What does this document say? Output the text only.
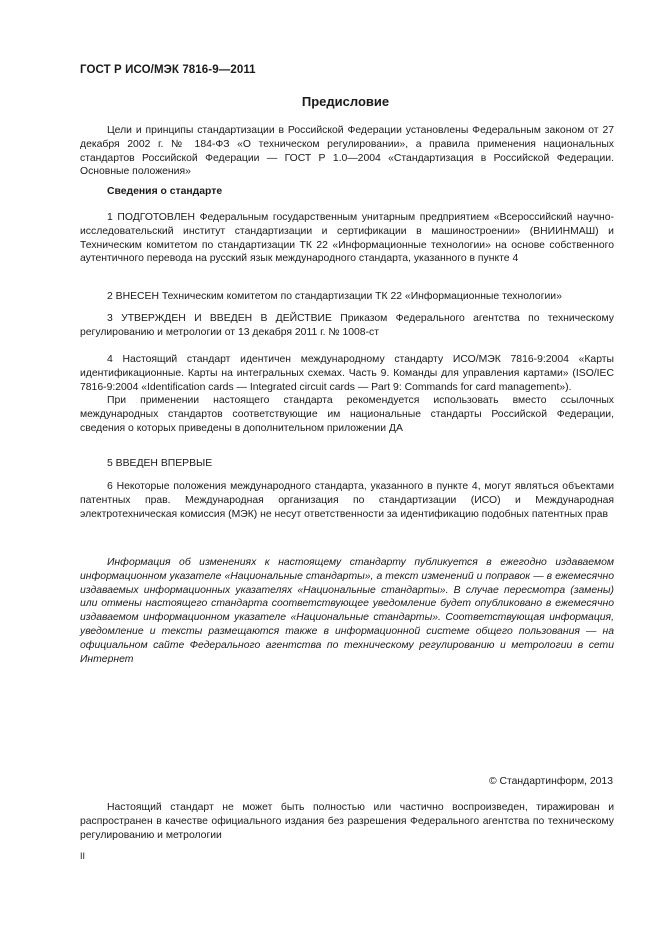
ГОСТ Р ИСО/МЭК 7816-9—2011
Предисловие

Цели и принципы стандартизации в Российской Федерации установлены Федеральным законом от 27 декабря 2002 г. № 184-ФЗ «О техническом регулировании», а правила применения национальных стандартов Российской Федерации — ГОСТ Р 1.0—2004 «Стандартизация в Российской Федерации. Основные положения»

Сведения о стандарте

1 ПОДГОТОВЛЕН Федеральным государственным унитарным предприятием «Всероссийский научно-исследовательский институт стандартизации и сертификации в машиностроении» (ВНИИНМАШ) и Техническим комитетом по стандартизации ТК 22 «Информационные технологии» на основе собственного аутентичного перевода на русский язык международного стандарта, указанного в пункте 4

2 ВНЕСЕН Техническим комитетом по стандартизации ТК 22 «Информационные технологии»

3 УТВЕРЖДЕН И ВВЕДЕН В ДЕЙСТВИЕ Приказом Федерального агентства по техническому регулированию и метрологии от 13 декабря 2011 г. № 1008-ст

4 Настоящий стандарт идентичен международному стандарту ИСО/МЭК 7816-9:2004 «Карты идентификационные. Карты на интегральных схемах. Часть 9. Команды для управления картами» (ISO/IEC 7816-9:2004 «Identification cards — Integrated circuit cards — Part 9: Commands for card management»).

При применении настоящего стандарта рекомендуется использовать вместо ссылочных международных стандартов соответствующие им национальные стандарты Российской Федерации, сведения о которых приведены в дополнительном приложении ДА

5 ВВЕДЕН ВПЕРВЫЕ

6 Некоторые положения международного стандарта, указанного в пункте 4, могут являться объектами патентных прав. Международная организация по стандартизации (ИСО) и Международная электротехническая комиссия (МЭК) не несут ответственности за идентификацию подобных патентных прав

Информация об изменениях к настоящему стандарту публикуется в ежегодно издаваемом информационном указателе «Национальные стандарты», а текст изменений и поправок — в ежемесячно издаваемых информационных указателях «Национальные стандарты». В случае пересмотра (замены) или отмены настоящего стандарта соответствующее уведомление будет опубликовано в ежемесячно издаваемом информационном указателе «Национальные стандарты». Соответствующая информация, уведомление и тексты размещаются также в информационной системе общего пользования — на официальном сайте Федерального агентства по техническому регулированию и метрологии в сети Интернет

© Стандартинформ, 2013

Настоящий стандарт не может быть полностью или частично воспроизведен, тиражирован и распространен в качестве официального издания без разрешения Федерального агентства по техническому регулированию и метрологии

II
